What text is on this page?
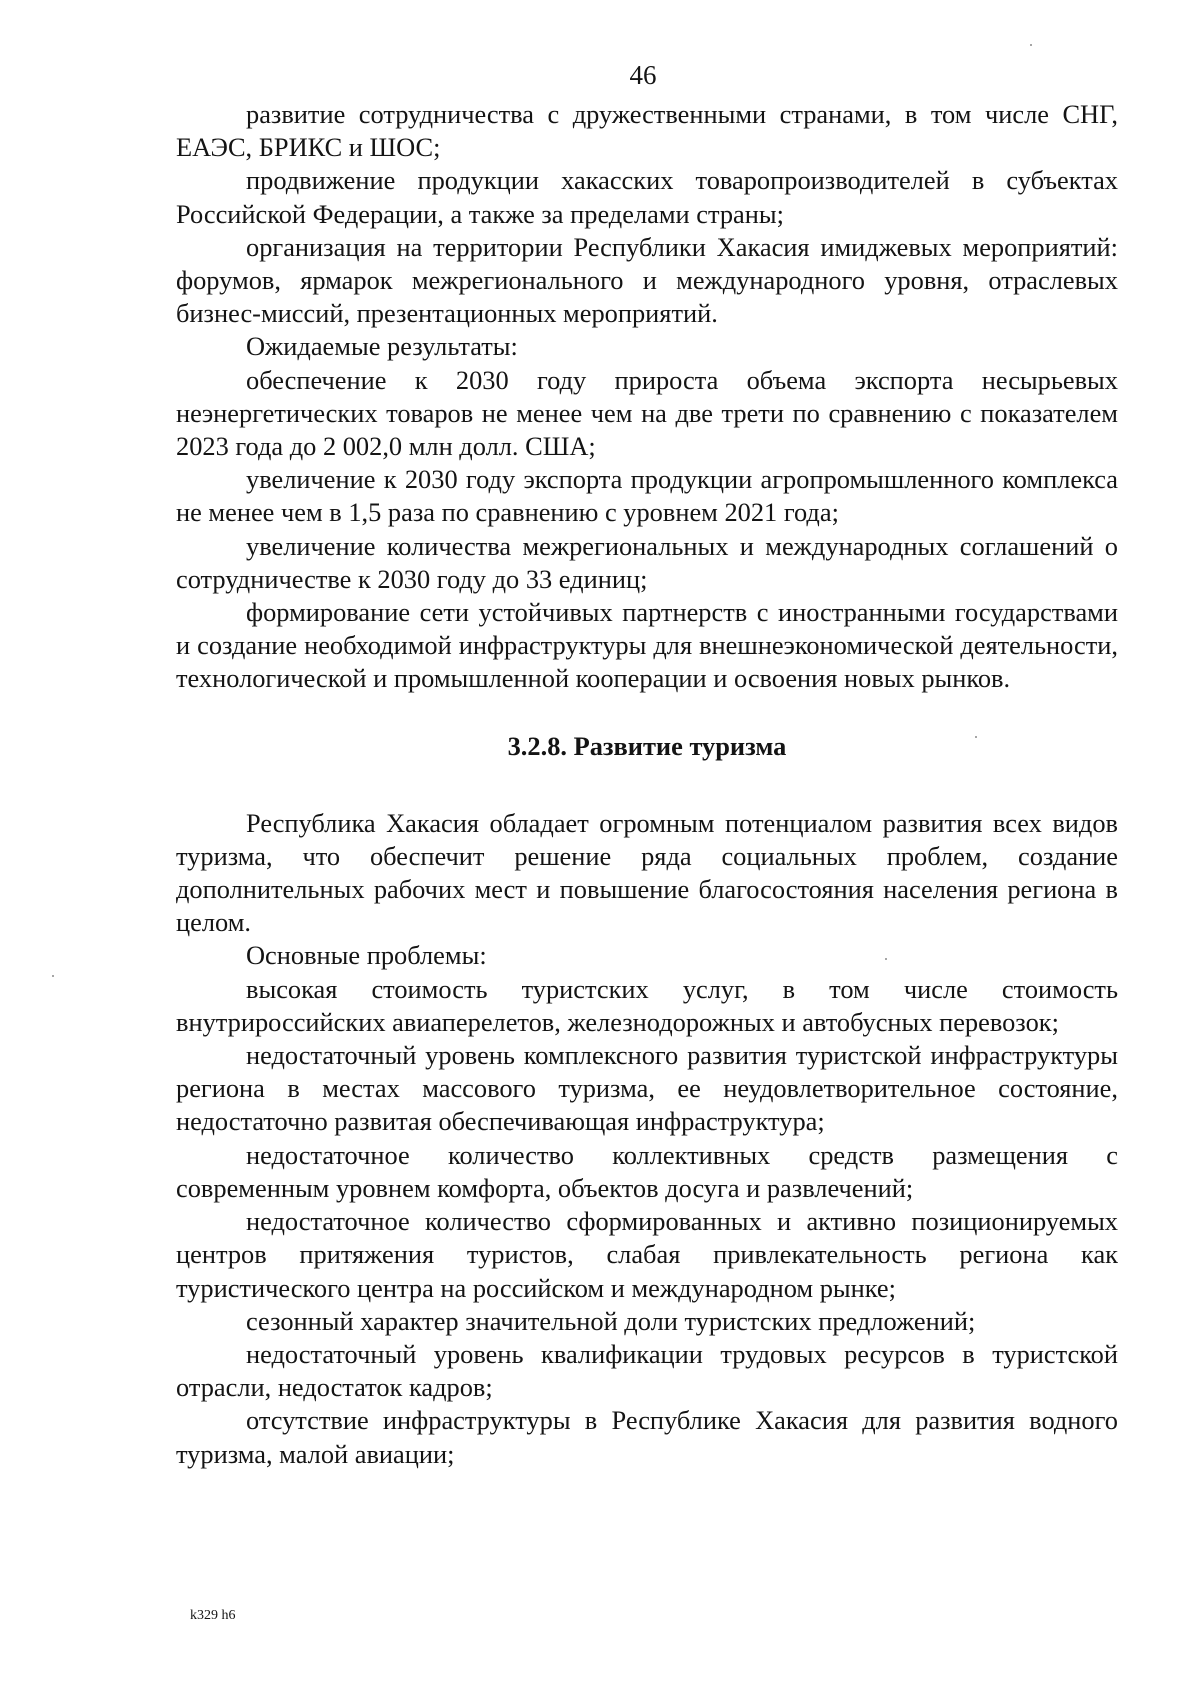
46

развитие сотрудничества с дружественными странами, в том числе СНГ, ЕАЭС, БРИКС и ШОС;

продвижение продукции хакасских товаропроизводителей в субъектах Российской Федерации, а также за пределами страны;

организация на территории Республики Хакасия имиджевых мероприятий: форумов, ярмарок межрегионального и международного уровня, отраслевых бизнес-миссий, презентационных мероприятий.

Ожидаемые результаты:

обеспечение к 2030 году прироста объема экспорта несырьевых неэнергетических товаров не менее чем на две трети по сравнению с показателем 2023 года до 2 002,0 млн долл. США;

увеличение к 2030 году экспорта продукции агропромышленного комплекса не менее чем в 1,5 раза по сравнению с уровнем 2021 года;

увеличение количества межрегиональных и международных соглашений о сотрудничестве к 2030 году до 33 единиц;

формирование сети устойчивых партнерств с иностранными государствами и создание необходимой инфраструктуры для внешнеэкономической деятельности, технологической и промышленной кооперации и освоения новых рынков.

3.2.8. Развитие туризма

Республика Хакасия обладает огромным потенциалом развития всех видов туризма, что обеспечит решение ряда социальных проблем, создание дополнительных рабочих мест и повышение благосостояния населения региона в целом.

Основные проблемы:

высокая стоимость туристских услуг, в том числе стоимость внутрироссийских авиаперелетов, железнодорожных и автобусных перевозок;

недостаточный уровень комплексного развития туристской инфраструктуры региона в местах массового туризма, ее неудовлетворительное состояние, недостаточно развитая обеспечивающая инфраструктура;

недостаточное количество коллективных средств размещения с современным уровнем комфорта, объектов досуга и развлечений;

недостаточное количество сформированных и активно позиционируемых центров притяжения туристов, слабая привлекательность региона как туристического центра на российском и международном рынке;

сезонный характер значительной доли туристских предложений;

недостаточный уровень квалификации трудовых ресурсов в туристской отрасли, недостаток кадров;

отсутствие инфраструктуры в Республике Хакасия для развития водного туризма, малой авиации;

k329 h6
